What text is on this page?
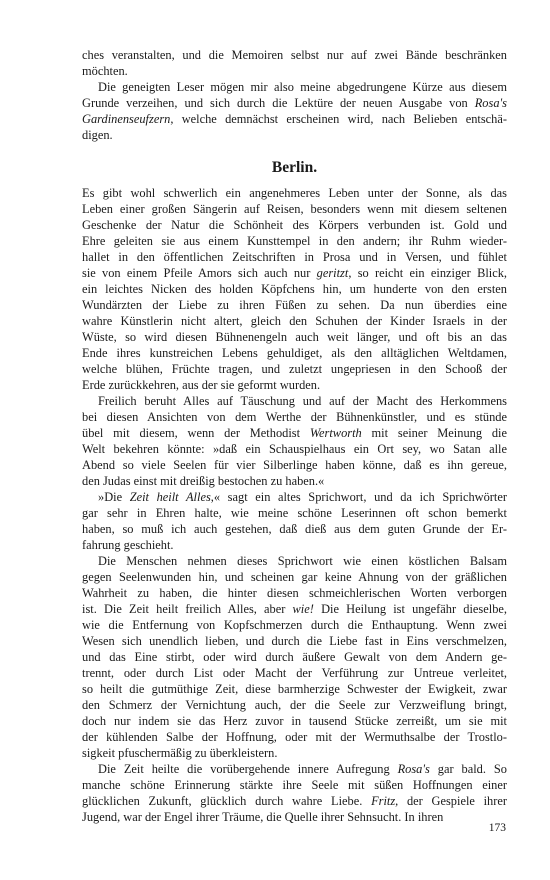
ches veranstalten, und die Memoiren selbst nur auf zwei Bände beschränken
möchten.
Die geneigten Leser mögen mir also meine abgedrungene Kürze aus diesem
Grunde verzeihen, und sich durch die Lektüre der neuen Ausgabe von Rosa's
Gardinenseufzern, welche demnächst erscheinen wird, nach Belieben entschä-
digen.
Berlin.
Es gibt wohl schwerlich ein angenehmeres Leben unter der Sonne, als das
Leben einer großen Sängerin auf Reisen, besonders wenn mit diesem seltenen
Geschenke der Natur die Schönheit des Körpers verbunden ist. Gold und
Ehre geleiten sie aus einem Kunsttempel in den andern; ihr Ruhm wieder-
hallet in den öffentlichen Zeitschriften in Prosa und in Versen, und fühlet
sie von einem Pfeile Amors sich auch nur geritzt, so reicht ein einziger Blick,
ein leichtes Nicken des holden Köpfchens hin, um hunderte von den ersten
Wundärzten der Liebe zu ihren Füßen zu sehen. Da nun überdies eine
wahre Künstlerin nicht altert, gleich den Schuhen der Kinder Israels in der
Wüste, so wird diesen Bühnenengeln auch weit länger, und oft bis an das
Ende ihres kunstreichen Lebens gehuldiget, als den alltäglichen Weltdamen,
welche blühen, Früchte tragen, und zuletzt ungepriesen in den Schooß der
Erde zurückkehren, aus der sie geformt wurden.
Freilich beruht Alles auf Täuschung und auf der Macht des Herkommens
bei diesen Ansichten von dem Werthe der Bühnenkünstler, und es stünde
übel mit diesem, wenn der Methodist Wertworth mit seiner Meinung die
Welt bekehren könnte: »daß ein Schauspielhaus ein Ort sey, wo Satan alle
Abend so viele Seelen für vier Silberlinge haben könne, daß es ihn gereue,
den Judas einst mit dreißig bestochen zu haben.«
»Die Zeit heilt Alles,« sagt ein altes Sprichwort, und da ich Sprichwörter
gar sehr in Ehren halte, wie meine schöne Leserinnen oft schon bemerkt
haben, so muß ich auch gestehen, daß dieß aus dem guten Grunde der Er-
fahrung geschieht.
Die Menschen nehmen dieses Sprichwort wie einen köstlichen Balsam
gegen Seelenwunden hin, und scheinen gar keine Ahnung von der gräßlichen
Wahrheit zu haben, die hinter diesen schmeichlerischen Worten verborgen
ist. Die Zeit heilt freilich Alles, aber wie! Die Heilung ist ungefähr dieselbe,
wie die Entfernung von Kopfschmerzen durch die Enthauptung. Wenn zwei
Wesen sich unendlich lieben, und durch die Liebe fast in Eins verschmelzen,
und das Eine stirbt, oder wird durch äußere Gewalt von dem Andern ge-
trennt, oder durch List oder Macht der Verführung zur Untreue verleitet,
so heilt die gutmüthige Zeit, diese barmherzige Schwester der Ewigkeit, zwar
den Schmerz der Vernichtung auch, der die Seele zur Verzweiflung bringt,
doch nur indem sie das Herz zuvor in tausend Stücke zerreißt, um sie mit
der kühlenden Salbe der Hoffnung, oder mit der Wermuthsalbe der Trostlo-
sigkeit pfuschermäßig zu überkleistern.
Die Zeit heilte die vorübergehende innere Aufregung Rosa's gar bald. So
manche schöne Erinnerung stärkte ihre Seele mit süßen Hoffnungen einer
glücklichen Zukunft, glücklich durch wahre Liebe. Fritz, der Gespiele ihrer
Jugend, war der Engel ihrer Träume, die Quelle ihrer Sehnsucht. In ihren
173
